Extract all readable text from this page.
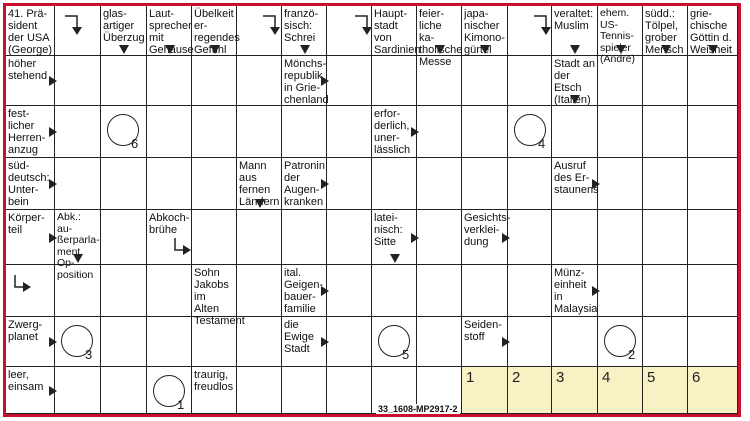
41. Prä-
sident
der USA
(George)
glas-
artiger
Überzug
Laut-
sprecher
mit
Gehäuse
Übelkeit
er-
regendes
Gefühl
franzö-
sisch:
Schrei
Haupt-
stadt von
Sardinien
feier-
liche ka-
tholische
Messe
japa-
nischer
Kimono-
gürtel
veraltet:
Muslim
ehem.
US-Tennis-
spieler
(Andre)
südd.:
Tölpel,
grober
Mensch
grie-
chische
Göttin d.
Weisheit
höher
stehend
Mönchs-
republik
in Grie-
chenland
Stadt an
der Etsch
(Italien)
fest-
licher
Herren-
anzug
erfor-
derlich,
uner-
lässlich
süd-
deutsch:
Unter-
bein
Mann aus
fernen
Ländern
Patronin
der
Augen-
kranken
Ausruf
des Er-
staunens
Körper-
teil
Abk.: au-
ßerparla-
ment. Op-
position
Abkoch-
brühe
latei-
nisch:
Sitte
Gesichts-
verklei-
dung
Sohn
Jakobs im
Alten
Testament
ital.
Geigen-
bauer-
familie
Münz-
einheit in
Malaysia
Zwerg-
planet
die
Ewige
Stadt
Seiden-
stoff
leer,
einsam
traurig,
freudlos
1	2 3	4 5 6
6	4
3	5	2
1	33_1608-MP2917-2
